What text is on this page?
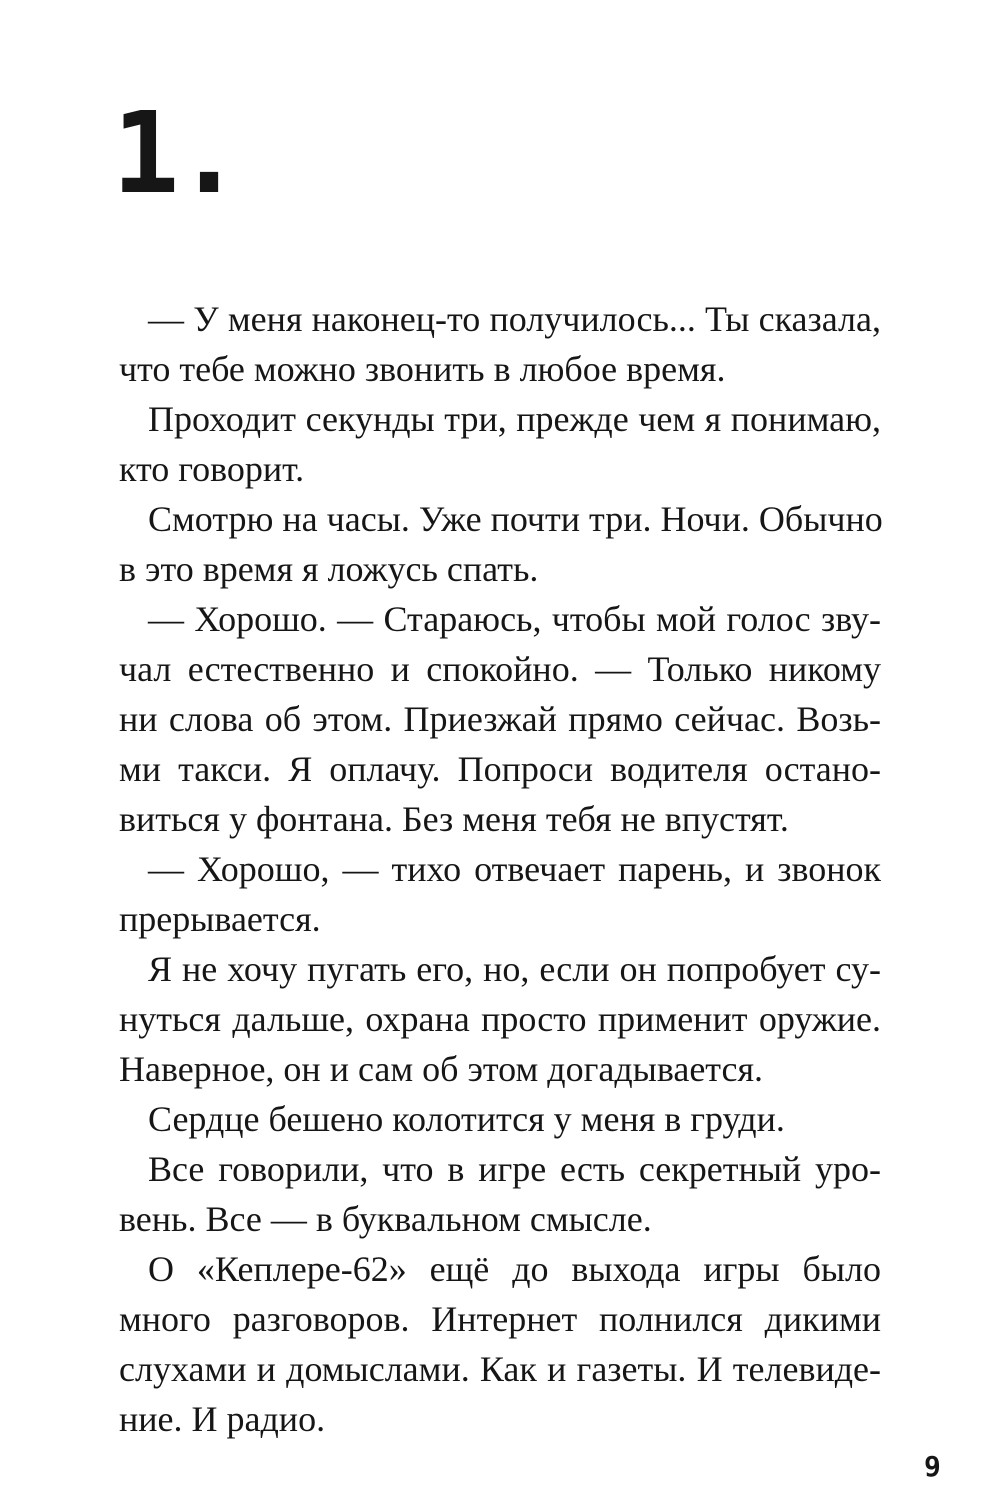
1.
— У меня наконец-то получилось... Ты сказала,
что тебе можно звонить в любое время.
Проходит секунды три, прежде чем я понимаю,
кто говорит.
Смотрю на часы. Уже почти три. Ночи. Обычно
в это время я ложусь спать.
— Хорошо. — Стараюсь, чтобы мой голос зву-
чал естественно и спокойно. — Только никому
ни слова об этом. Приезжай прямо сейчас. Возь-
ми такси. Я оплачу. Попроси водителя остано-
виться у фонтана. Без меня тебя не впустят.
— Хорошо, — тихо отвечает парень, и звонок
прерывается.
Я не хочу пугать его, но, если он попробует су-
нуться дальше, охрана просто применит оружие.
Наверное, он и сам об этом догадывается.
Сердце бешено колотится у меня в груди.
Все говорили, что в игре есть секретный уро-
вень. Все — в буквальном смысле.
О «Кеплере-62» ещё до выхода игры было
много разговоров. Интернет полнился дикими
слухами и домыслами. Как и газеты. И телевиде-
ние. И радио.
9
